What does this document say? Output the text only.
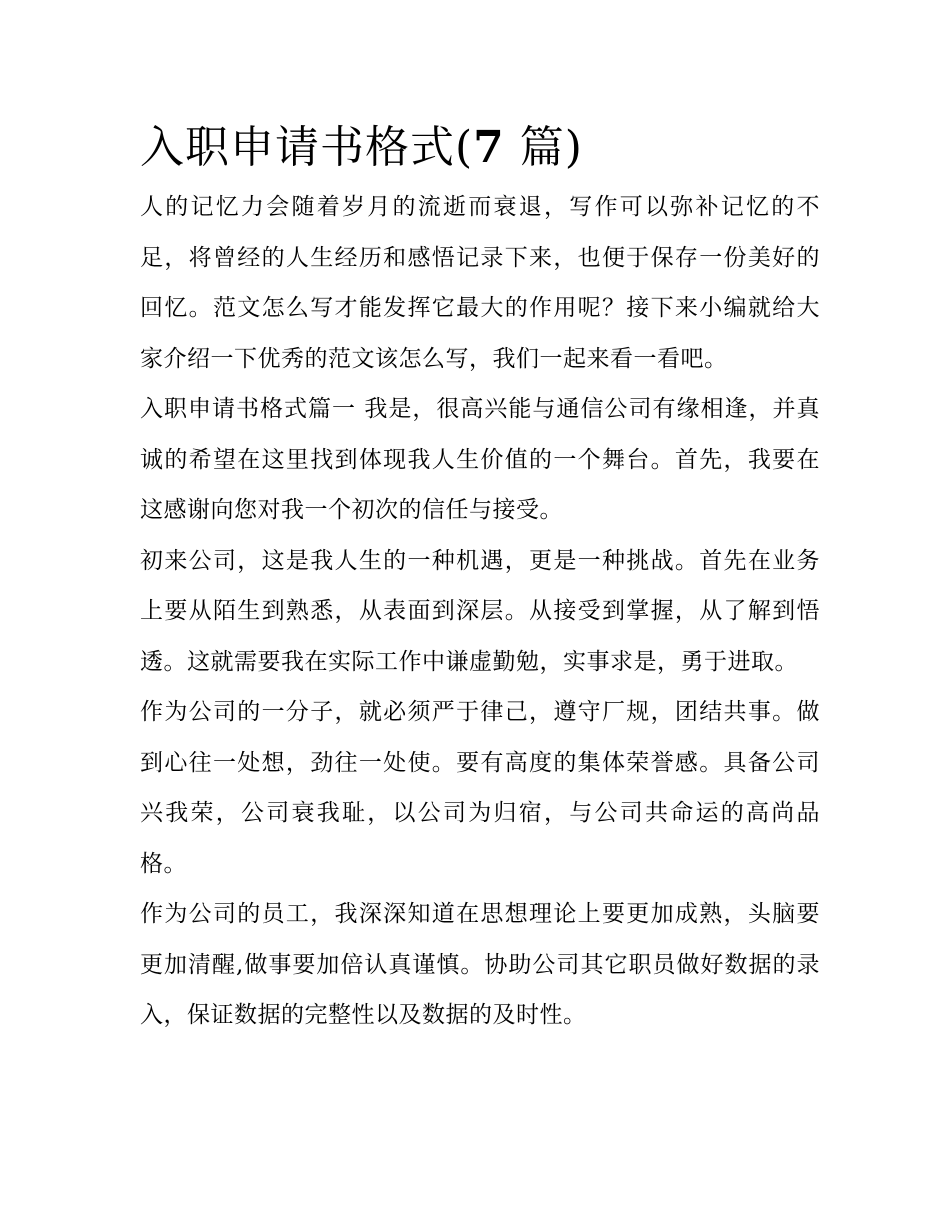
入职申请书格式(7 篇)

人的记忆力会随着岁月的流逝而衰退，写作可以弥补记忆的不足，将曾经的人生经历和感悟记录下来，也便于保存一份美好的回忆。范文怎么写才能发挥它最大的作用呢？接下来小编就给大家介绍一下优秀的范文该怎么写，我们一起来看一看吧。

入职申请书格式篇一 我是，很高兴能与通信公司有缘相逢，并真诚的希望在这里找到体现我人生价值的一个舞台。首先，我要在这感谢向您对我一个初次的信任与接受。

初来公司，这是我人生的一种机遇，更是一种挑战。首先在业务上要从陌生到熟悉，从表面到深层。从接受到掌握，从了解到悟透。这就需要我在实际工作中谦虚勤勉，实事求是，勇于进取。

作为公司的一分子，就必须严于律己，遵守厂规，团结共事。做到心往一处想，劲往一处使。要有高度的集体荣誉感。具备公司兴我荣，公司衰我耻，以公司为归宿，与公司共命运的高尚品格。

作为公司的员工，我深深知道在思想理论上要更加成熟，头脑要更加清醒,做事要加倍认真谨慎。协助公司其它职员做好数据的录入，保证数据的完整性以及数据的及时性。
